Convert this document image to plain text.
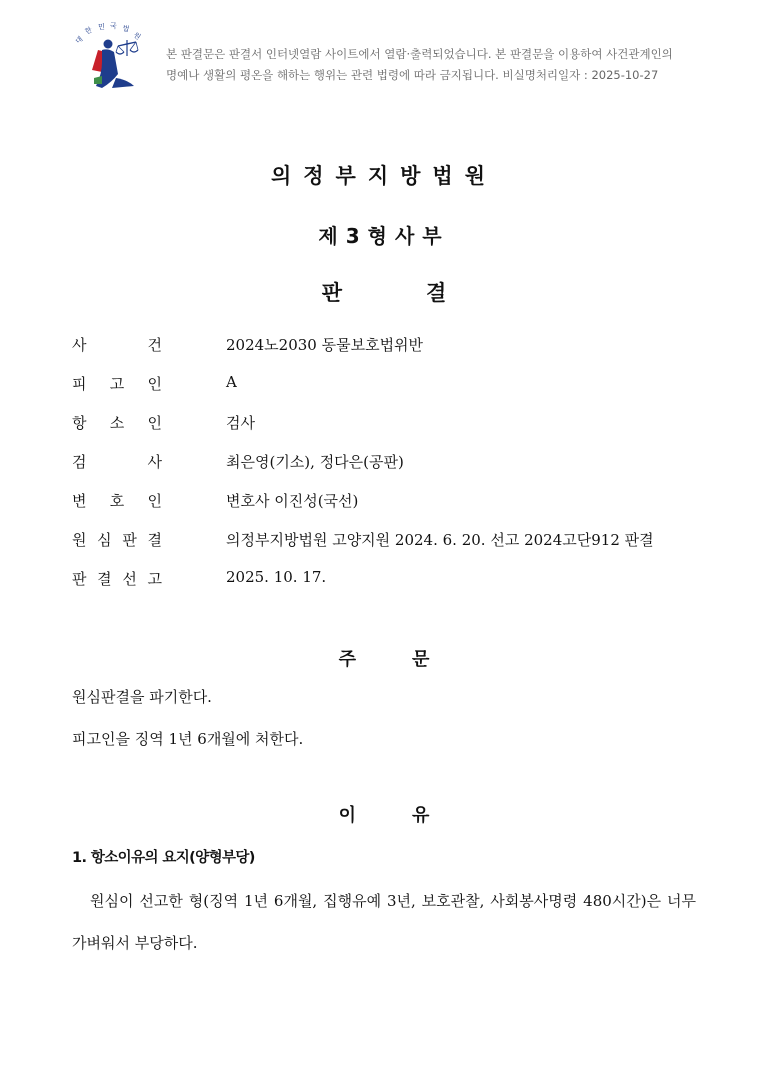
대
한 민 국 법
원
본 판결문은 판결서 인터넷열람 사이트에서 열람·출력되었습니다. 본 판결문을 이용하여 사건관계인의
명예나 생활의 평온을 해하는 행위는 관련 법령에 따라 금지됩니다. 비실명처리일자 : 2025-10-27
의정부지방법원
제3형사부
판	결
사	건	2024노2030 동물보호법위반
피 고 인	A
항 소 인	검사
검	사	최은영(기소), 정다은(공판)
변 호 인	변호사 이진성(국선)
원 심 판 결	의정부지방법원 고양지원 2024. 6. 20. 선고 2024고단912 판결
판 결 선 고	2025. 10. 17.
주	문
원심판결을 파기한다.
피고인을 징역 1년 6개월에 처한다.
이	유
1. 항소이유의 요지(양형부당)
원심이 선고한 형(징역 1년 6개월, 집행유예 3년, 보호관찰, 사회봉사명령 480시간)은 너무 가벼워서 부당하다.
